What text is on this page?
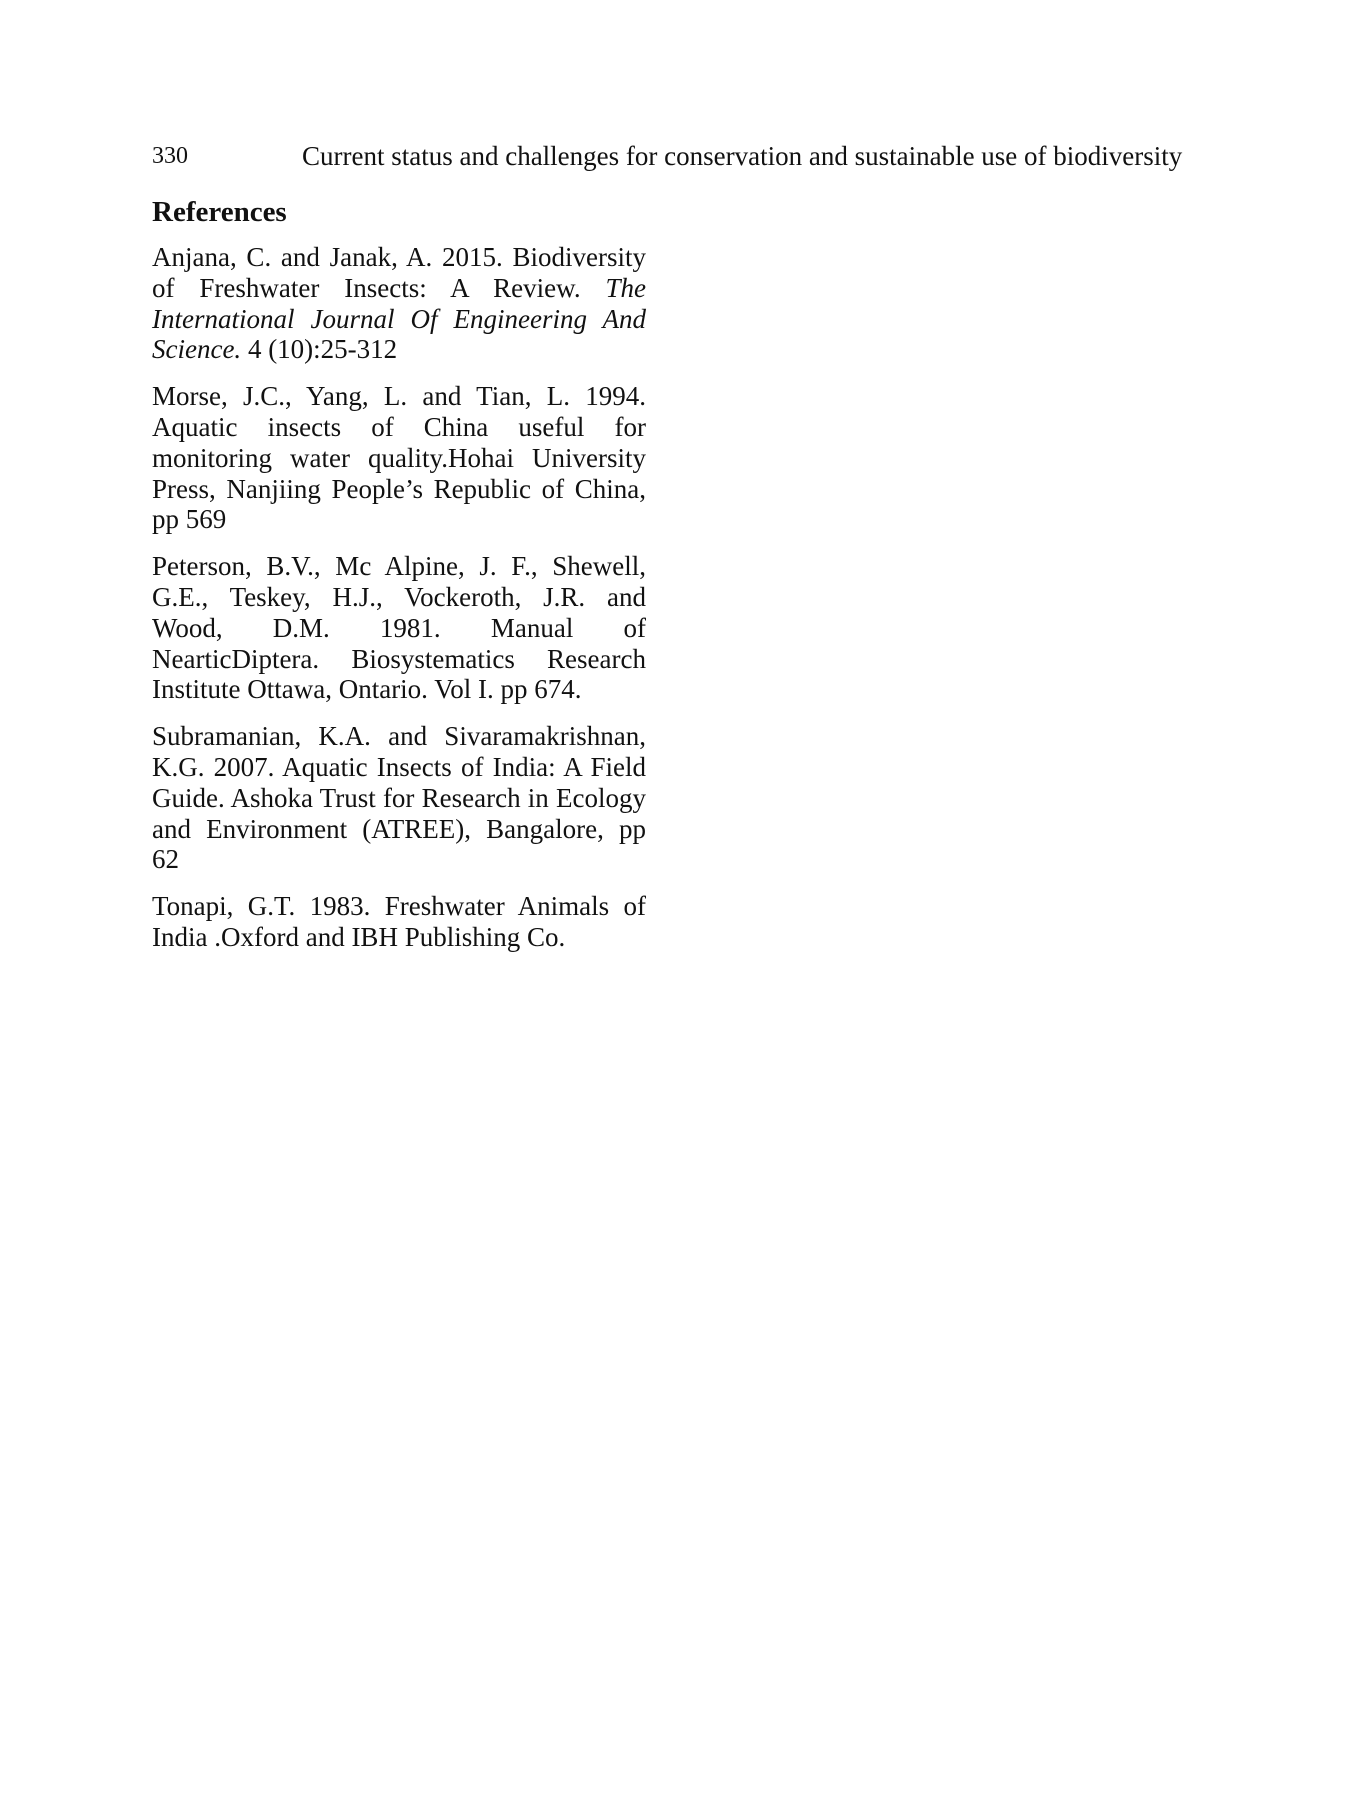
330	Current status and challenges for conservation and sustainable use of biodiversity
References
Anjana, C. and Janak, A. 2015. Biodiversity of Freshwater Insects: A Review. The International Journal Of Engineering And Science. 4 (10):25-312
Morse, J.C., Yang, L. and Tian, L. 1994. Aquatic insects of China useful for monitoring water quality.Hohai University Press, Nanjiing People’s Republic of China, pp 569
Peterson, B.V., Mc Alpine, J. F., Shewell, G.E., Teskey, H.J., Vockeroth, J.R. and Wood, D.M. 1981. Manual of NearticDiptera. Biosystematics Research Institute Ottawa, Ontario. Vol I. pp 674.
Subramanian, K.A. and Sivaramakrishnan, K.G. 2007. Aquatic Insects of India: A Field Guide. Ashoka Trust for Research in Ecology and Environment (ATREE), Bangalore, pp 62
Tonapi, G.T. 1983. Freshwater Animals of India .Oxford and IBH Publishing Co.
